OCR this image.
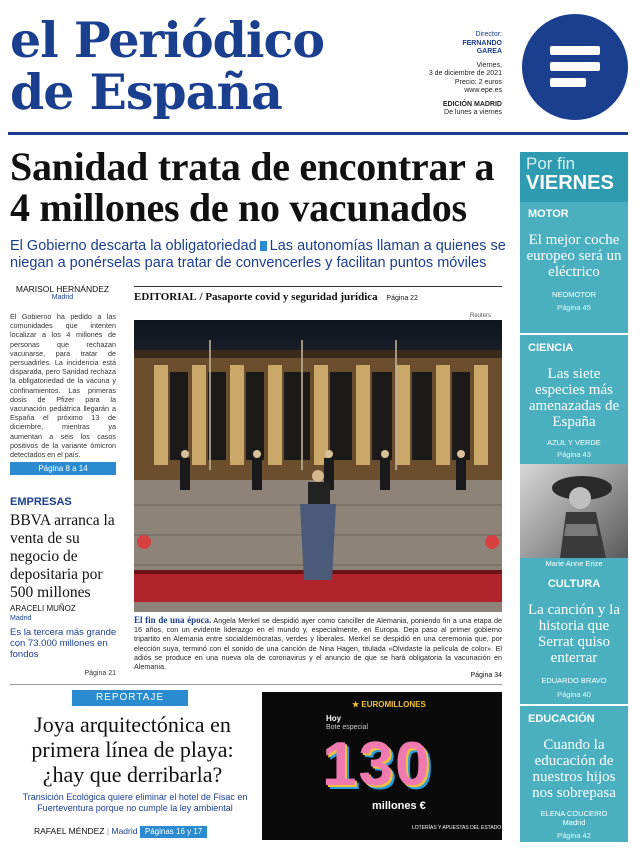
el Periódico
de España
Director:
FERNANDO
GAREA
Viernes,
3 de diciembre de 2021
Precio: 2 euros
www.epe.es
EDICIÓN MADRID
De lunes a viernes
Sanidad trata de encontrar a
4 millones de no vacunados
El Gobierno descarta la obligatoriedad Las autonomías llaman a quienes se
niegan a ponérselas para tratar de convencerles y facilitan puntos móviles
MARISOL HERNÁNDEZ
Madrid
El Gobierno ha pedido a las comunidades que intenten localizar a los 4 millones de personas que rechazan vacunarse, para tratar de persuadirles. La incidencia está disparada, pero Sanidad rechaza la obligatoriedad de la vacuna y confinamientos. Las primeras dosis de Pfizer para la vacunación pediátrica llegarán a España el próximo 13 de diciembre, mientras ya aumentan a seis los casos positivos de la variante ómicron detectados en el país.
Página 8 a 14
EMPRESAS
BBVA arranca la venta de su negocio de depositaria por 500 millones
ARACELI MUÑOZ
Madrid
Es la tercera más grande con 73.000 millones en fondos
Página 21
EDITORIAL / Pasaporte covid y seguridad jurídica Página 22
Reuters
El fin de una época. Angela Merkel se despidió ayer como canciller de Alemania, poniendo fin a una etapa de 16 años, con un evidente liderazgo en el mundo y, especialmente, en Europa. Deja paso al primer gobierno tripartito en Alemania entre socialdemócratas, verdes y liberales. Merkel se despidió en una ceremonia que, por elección suya, terminó con el sonido de una canción de Nina Hagen, titulada «Olvidaste la película de color». El adiós se produce en una nueva ola de coronavirus y el anuncio de que se hará obligatoria la vacunación en Alemania.
Página 34
REPORTAJE
Joya arquitectónica en
primera línea de playa:
¿hay que derribarla?
Transición Ecológica quiere eliminar el hotel de Fisac en Fuerteventura porque no cumple la ley ambiental
RAFAEL MÉNDEZ | Madrid Páginas 16 y 17
★ EUROMILLONES
Hoy
Bote especial
130
millones €
LOTERÍAS Y APUESTAS DEL ESTADO
Por fin
VIERNES
MOTOR
El mejor coche europeo será un eléctrico
NEOMOTOR
Página 45
CIENCIA
Las siete especies más amenazadas de España
AZUL Y VERDE
Página 43
Marie Anne Erize
CULTURA
La canción y la historia que Serrat quiso enterrar
EDUARDO BRAVO
Página 40
EDUCACIÓN
Cuando la educación de nuestros hijos nos sobrepasa
ELENA COUCEIRO
Madrid
Página 42
